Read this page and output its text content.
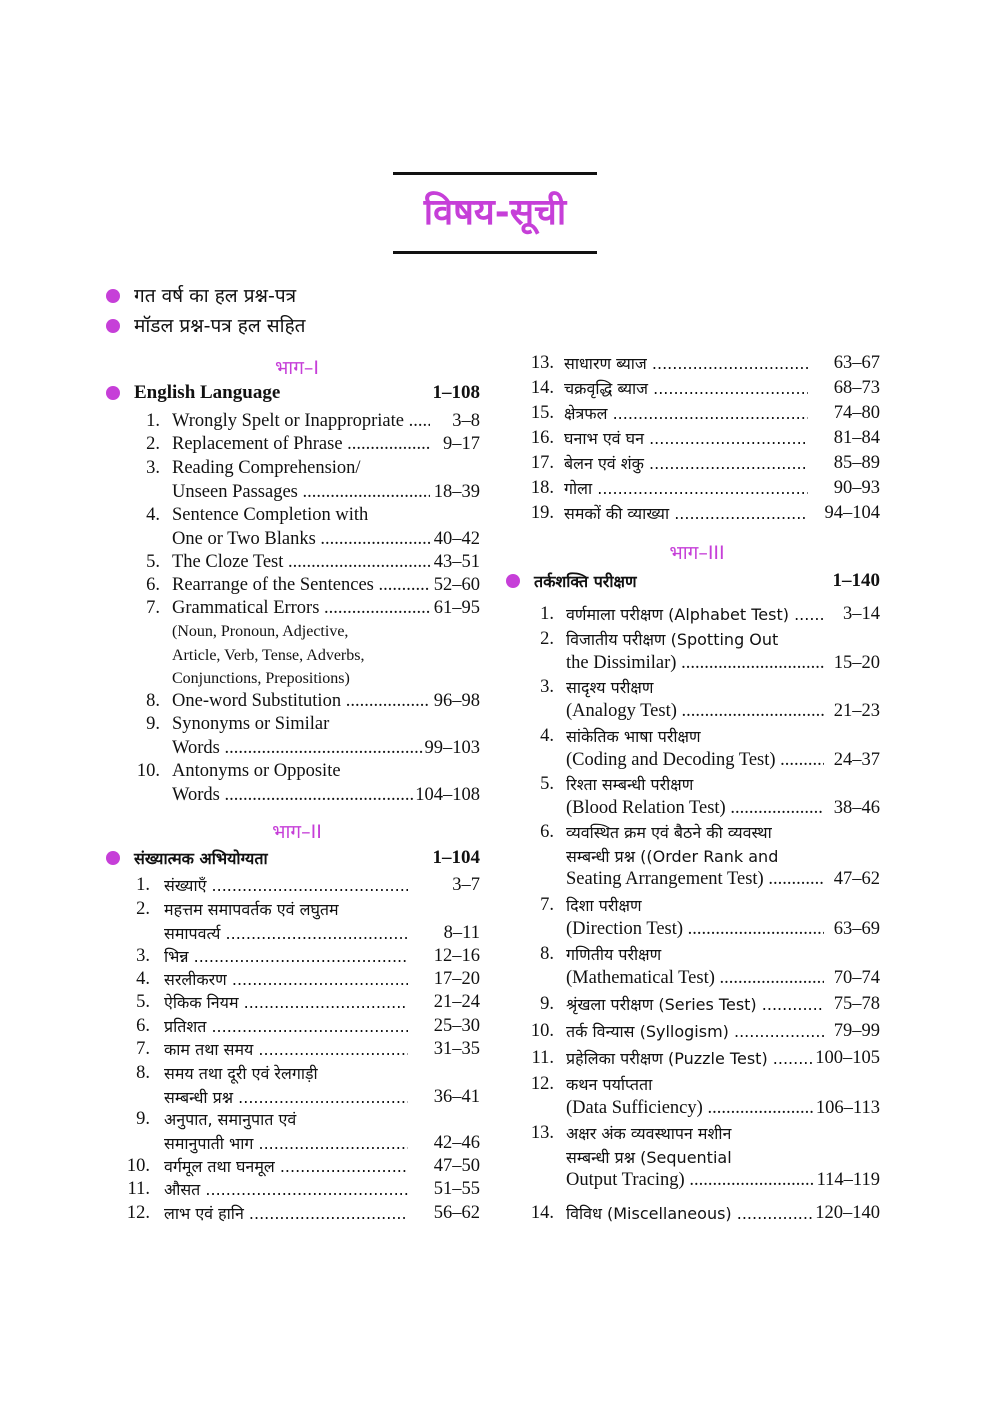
विषय-सूची
गत वर्ष का हल प्रश्न-पत्र
मॉडल प्रश्न-पत्र हल सहित
भाग–I
English Language	1–108
1. Wrongly Spelt or Inappropriate .....	3–8
2. Replacement of Phrase .....	9–17
3. Reading Comprehension/
Unseen Passages .....	18–39
4. Sentence Completion with
One or Two Blanks .....	40–42
5. The Cloze Test .....	43–51
6. Rearrange of the Sentences .....	52–60
7. Grammatical Errors .....	61–95
8. One-word Substitution .....	96–98
9. Synonyms or Similar
Words .....	99–103
10. Antonyms or Opposite
Words .....	104–108
(Noun, Pronoun, Adjective,
Article, Verb, Tense, Adverbs,
Conjunctions, Prepositions)
भाग–II
संख्यात्मक अभियोग्यता	1–104
1. संख्याएँ .....	3–7
2. महत्तम समापवर्तक एवं लघुतम
समापवर्त्य .....	8–11
3. भिन्न .....	12–16
4. सरलीकरण .....	17–20
5. ऐकिक नियम .....	21–24
6. प्रतिशत .....	25–30
7. काम तथा समय .....	31–35
8. समय तथा दूरी एवं रेलगाड़ी
सम्बन्धी प्रश्न .....	36–41
9. अनुपात, समानुपात एवं
समानुपाती भाग .....	42–46
10. वर्गमूल तथा घनमूल .....	47–50
11. औसत .....	51–55
12. लाभ एवं हानि .....	56–62
13. साधारण ब्याज .....	63–67
14. चक्रवृद्धि ब्याज .....	68–73
15. क्षेत्रफल .....	74–80
16. घनाभ एवं घन .....	81–84
17. बेलन एवं शंकु .....	85–89
18. गोला .....	90–93
19. समकों की व्याख्या .....	94–104
भाग–III
तर्कशक्ति परीक्षण	1–140
1. वर्णमाला परीक्षण (Alphabet Test) .....	3–14
2. विजातीय परीक्षण (Spotting Out
the Dissimilar) .....	15–20
3. सादृश्य परीक्षण
(Analogy Test) .....	21–23
4. सांकेतिक भाषा परीक्षण
(Coding and Decoding Test) .....	24–37
5. रिश्ता सम्बन्धी परीक्षण
(Blood Relation Test) .....	38–46
6. व्यवस्थित क्रम एवं बैठने की व्यवस्था
सम्बन्धी प्रश्न ((Order Rank and
Seating Arrangement Test) .....	47–62
7. दिशा परीक्षण
(Direction Test) .....	63–69
8. गणितीय परीक्षण
(Mathematical Test) .....	70–74
9. श्रृंखला परीक्षण (Series Test) .....	75–78
10. तर्क विन्यास (Syllogism) .....	79–99
11. प्रहेलिका परीक्षण (Puzzle Test) .....	100–105
12. कथन पर्याप्तता
(Data Sufficiency) .....	106–113
13. अक्षर अंक व्यवस्थापन मशीन
सम्बन्धी प्रश्न (Sequential
Output Tracing) .....	114–119
14. विविध (Miscellaneous) .....	120–140
